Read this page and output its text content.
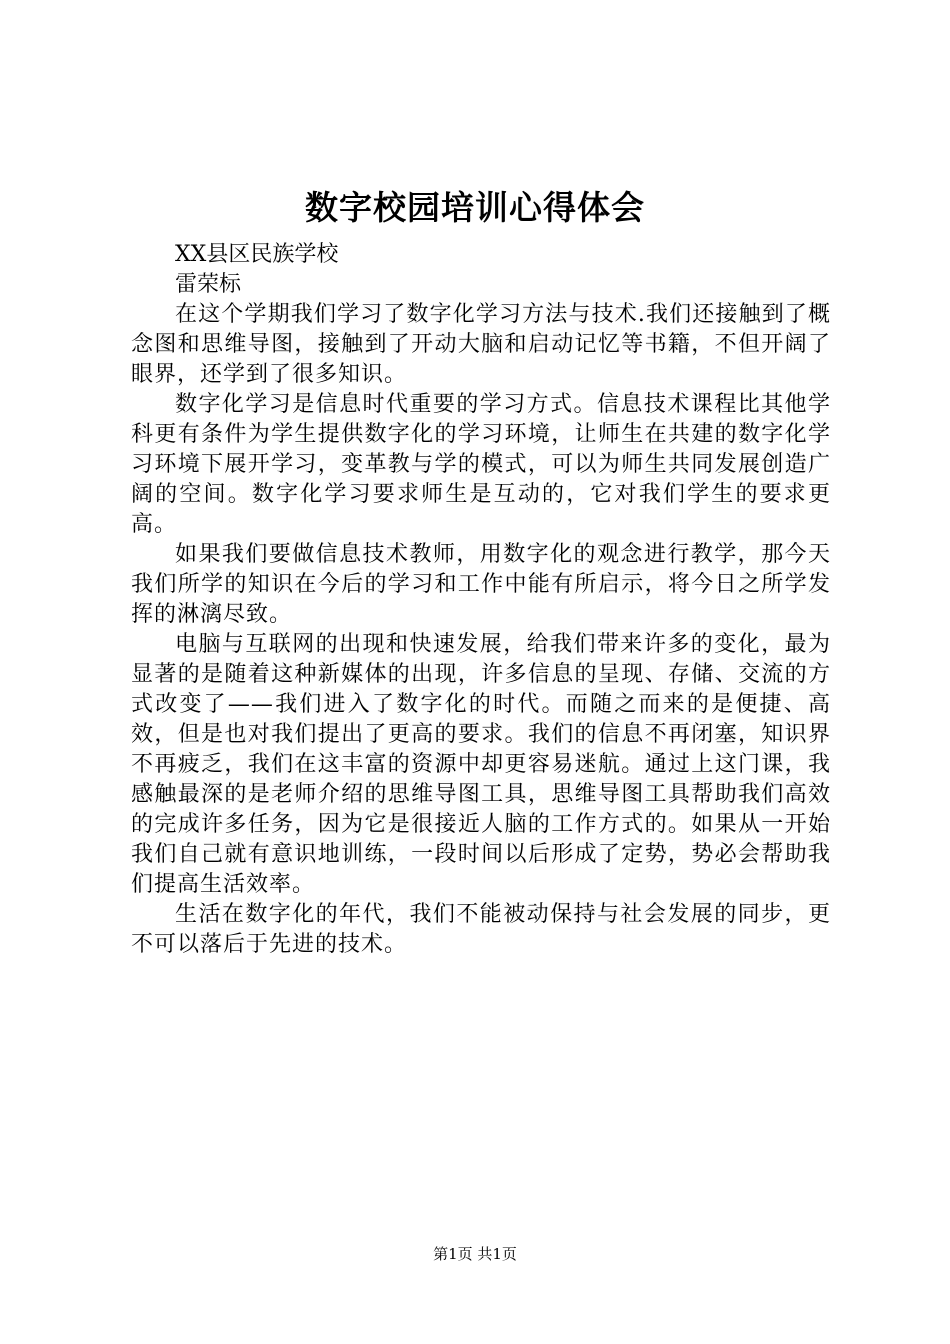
数字校园培训心得体会

XX县区民族学校

雷荣标

在这个学期我们学习了数字化学习方法与技术.我们还接触到了概念图和思维导图，接触到了开动大脑和启动记忆等书籍，不但开阔了眼界，还学到了很多知识。

数字化学习是信息时代重要的学习方式。信息技术课程比其他学科更有条件为学生提供数字化的学习环境，让师生在共建的数字化学习环境下展开学习，变革教与学的模式，可以为师生共同发展创造广阔的空间。数字化学习要求师生是互动的，它对我们学生的要求更高。

如果我们要做信息技术教师，用数字化的观念进行教学，那今天我们所学的知识在今后的学习和工作中能有所启示，将今日之所学发挥的淋漓尽致。

电脑与互联网的出现和快速发展，给我们带来许多的变化，最为显著的是随着这种新媒体的出现，许多信息的呈现、存储、交流的方式改变了——我们进入了数字化的时代。而随之而来的是便捷、高效，但是也对我们提出了更高的要求。我们的信息不再闭塞，知识界不再疲乏，我们在这丰富的资源中却更容易迷航。通过上这门课，我感触最深的是老师介绍的思维导图工具，思维导图工具帮助我们高效的完成许多任务，因为它是很接近人脑的工作方式的。如果从一开始我们自己就有意识地训练，一段时间以后形成了定势，势必会帮助我们提高生活效率。

生活在数字化的年代，我们不能被动保持与社会发展的同步，更不可以落后于先进的技术。

第1页 共1页
